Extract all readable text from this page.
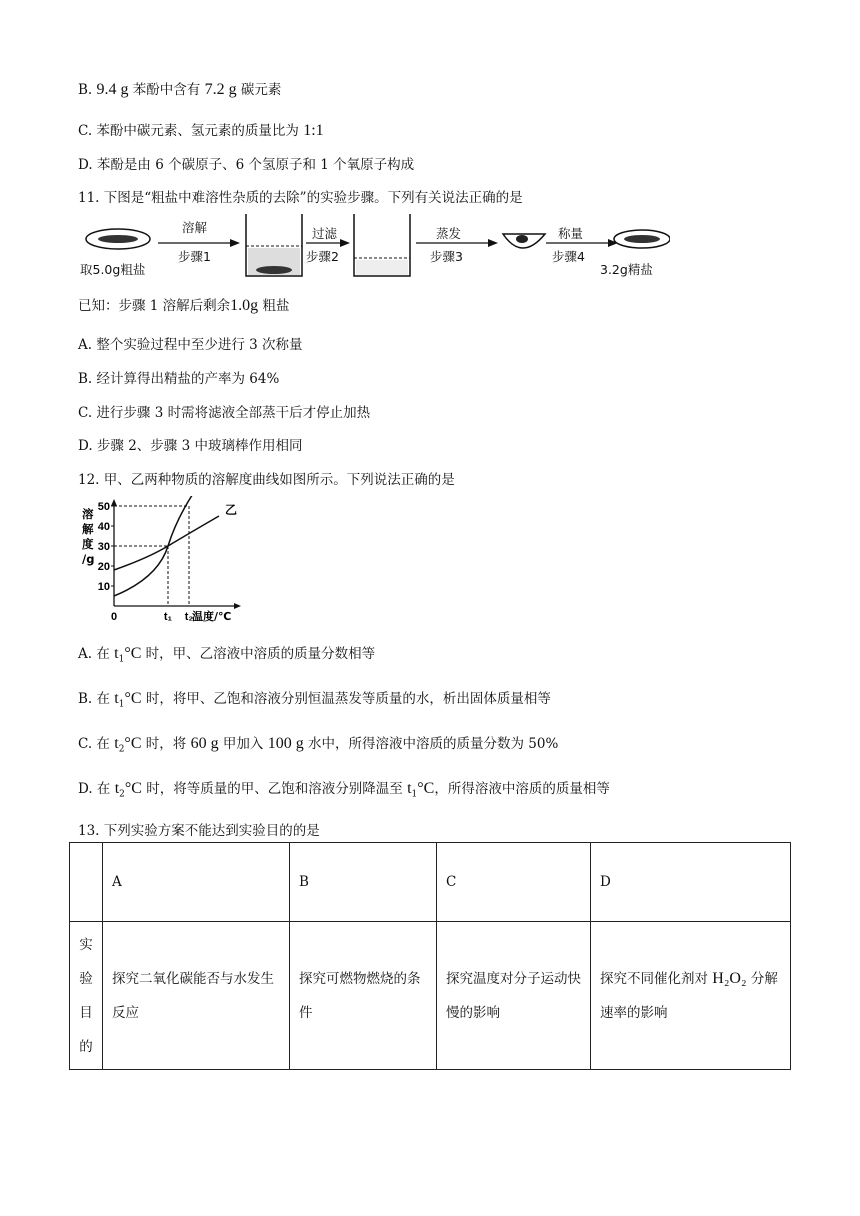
B. 9.4 g 苯酚中含有 7.2 g 碳元素
C. 苯酚中碳元素、氢元素的质量比为 1:1
D. 苯酚是由 6 个碳原子、6 个氢原子和 1 个氧原子构成
11. 下图是“粗盐中难溶性杂质的去除”的实验步骤。下列有关说法正确的是
取5.0g粗盐
溶解
步骤1
过滤
步骤2
蒸发
步骤3
称量
步骤4
3.2g精盐
已知：步骤 1 溶解后剩余1.0g 粗盐
A. 整个实验过程中至少进行 3 次称量
B. 经计算得出精盐的产率为 64%
C. 进行步骤 3 时需将滤液全部蒸干后才停止加热
D. 步骤 2、步骤 3 中玻璃棒作用相同
12. 甲、乙两种物质的溶解度曲线如图所示。下列说法正确的是
10
20
30
40
50
0	t₁ t₂
溶
解
度
/g
温度/℃
乙
A. 在 $t_1^\circ C$ 时，甲、乙溶液中溶质的质量分数相等
B. 在 $t_1^\circ C$ 时，将甲、乙饱和溶液分别恒温蒸发等质量的水，析出固体质量相等
C. 在 $t_2^\circ C$ 时，将 60 g 甲加入 100 g 水中，所得溶液中溶质的质量分数为 50%
D. 在 $t_2^\circ C$ 时，将等质量的甲、乙饱和溶液分别降温至 $t_1^\circ C$，所得溶液中溶质的质量相等
13. 下列实验方案不能达到实验目的的是
	A	B	C	D
实
验
目
的	探究二氧化碳能否与水发生反应	探究可燃物燃烧的条件	探究温度对分子运动快慢的影响	探究不同催化剂对 H₂O₂ 分解速率的影响
